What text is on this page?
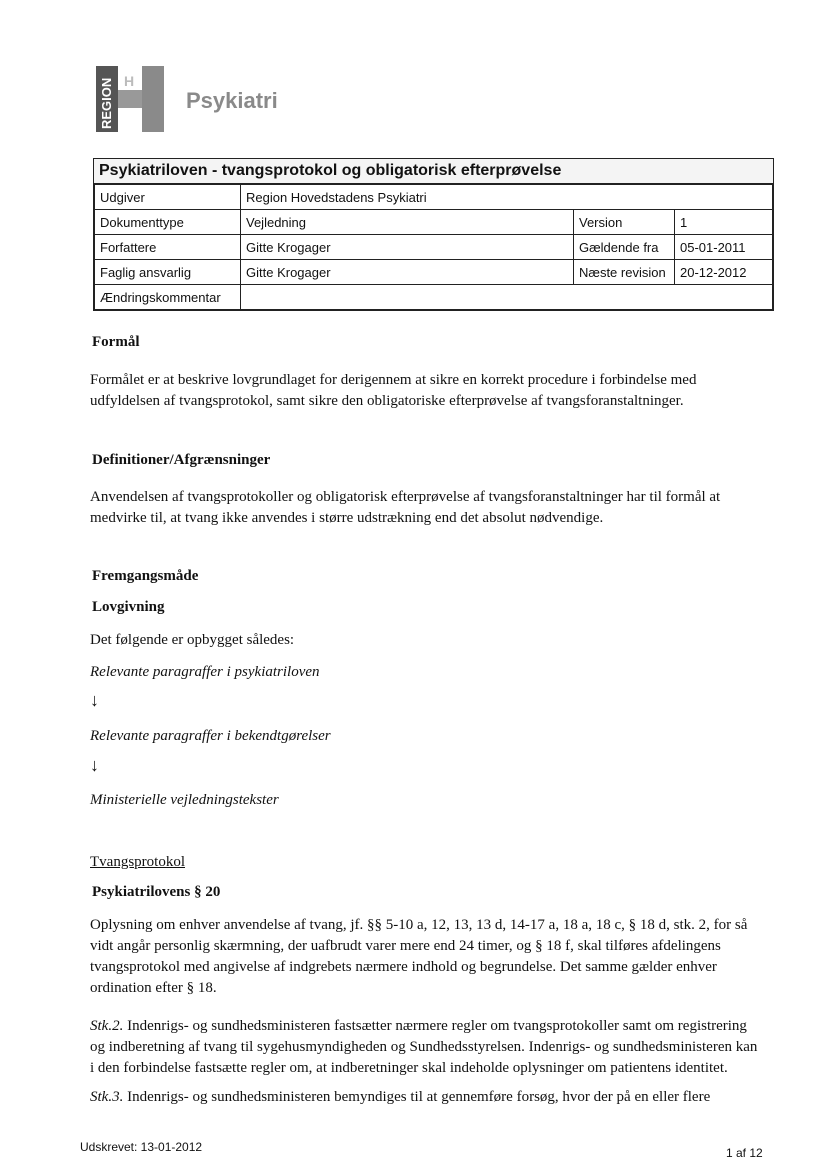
REGION H
Psykiatri
Psykiatriloven - tvangsprotokol og obligatorisk efterprøvelse
Udgiver	Region Hovedstadens Psykiatri		
Dokumenttype	Vejledning	Version	1
Forfattere	Gitte Krogager	Gældende fra	05-01-2011
Faglig ansvarlig	Gitte Krogager	Næste revision	20-12-2012
Ændringskommentar			
Formål
Formålet er at beskrive lovgrundlaget for derigennem at sikre en korrekt procedure i forbindelse med udfyldelsen af tvangsprotokol, samt sikre den obligatoriske efterprøvelse af tvangsforanstaltninger.
Definitioner/Afgrænsninger
Anvendelsen af tvangsprotokoller og obligatorisk efterprøvelse af tvangsforanstaltninger har til formål at medvirke til, at tvang ikke anvendes i større udstrækning end det absolut nødvendige.
Fremgangsmåde
Lovgivning
Det følgende er opbygget således:
Relevante paragraffer i psykiatriloven
↓
Relevante paragraffer i bekendtgørelser
↓
Ministerielle vejledningstekster
Tvangsprotokol
Psykiatrilovens § 20
Oplysning om enhver anvendelse af tvang, jf. §§ 5-10 a, 12, 13, 13 d, 14-17 a, 18 a, 18 c, § 18 d, stk. 2, for så vidt angår personlig skærmning, der uafbrudt varer mere end 24 timer, og § 18 f, skal tilføres afdelingens tvangsprotokol med angivelse af indgrebets nærmere indhold og begrundelse. Det samme gælder enhver ordination efter § 18.
Stk.2. Indenrigs- og sundhedsministeren fastsætter nærmere regler om tvangsprotokoller samt om registrering og indberetning af tvang til sygehusmyndigheden og Sundhedsstyrelsen. Indenrigs- og sundhedsministeren kan i den forbindelse fastsætte regler om, at indberetninger skal indeholde oplysninger om patientens identitet.
Stk.3. Indenrigs- og sundhedsministeren bemyndiges til at gennemføre forsøg, hvor der på en eller flere
Udskrevet: 13-01-2012	1 af 12
